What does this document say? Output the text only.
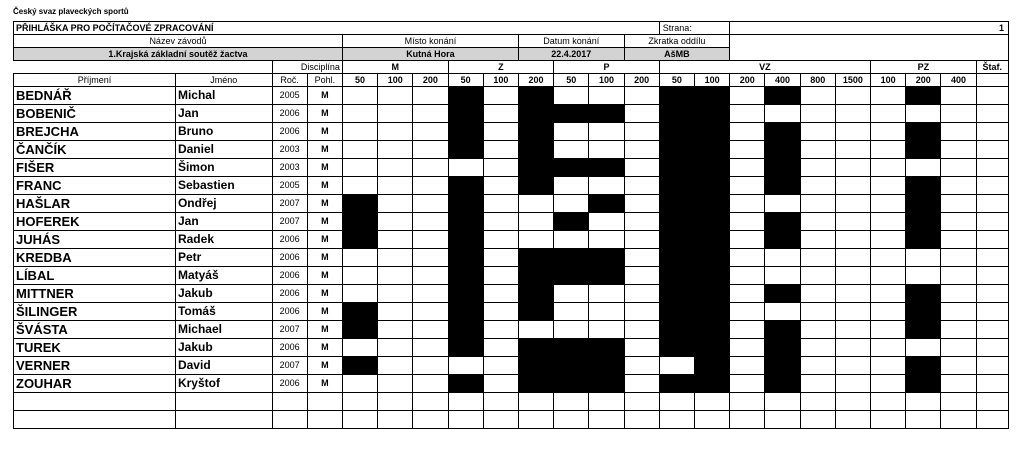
Český svaz plaveckých sportů
PŘIHLÁŠKA PRO POČÍTAČOVÉ ZPRACOVÁNÍ													Strana:		1							
Název závodů				Místo konání					Datum konání			Zkratka oddílu										
1.Krajská základní soutěž žactva				Kutná Hora					22.4.2017			AšMB										
		Disciplína		M			Z			P			VZ						PZ			Štaf.
Příjmení	Jméno	Roč.	Pohl.	50	100	200	50	100	200	50	100	200	50	100	200	400	800	1500	100	200	400	
BEDNÁŘ	Michal	2005	M																			
BOBENIČ	Jan	2006	M																			
BREJCHA	Bruno	2006	M																			
ČANČÍK	Daniel	2003	M																			
FIŠER	Šimon	2003	M																			
FRANC	Sebastien	2005	M																			
HAŠLAR	Ondřej	2007	M																			
HOFEREK	Jan	2007	M																			
JUHÁS	Radek	2006	M																			
KREDBA	Petr	2006	M																			
LÍBAL	Matyáš	2006	M																			
MITTNER	Jakub	2006	M																			
ŠILINGER	Tomáš	2006	M																			
ŠVÁSTA	Michael	2007	M																			
TUREK	Jakub	2006	M																			
VERNER	David	2007	M																			
ZOUHAR	Kryštof	2006	M																			
